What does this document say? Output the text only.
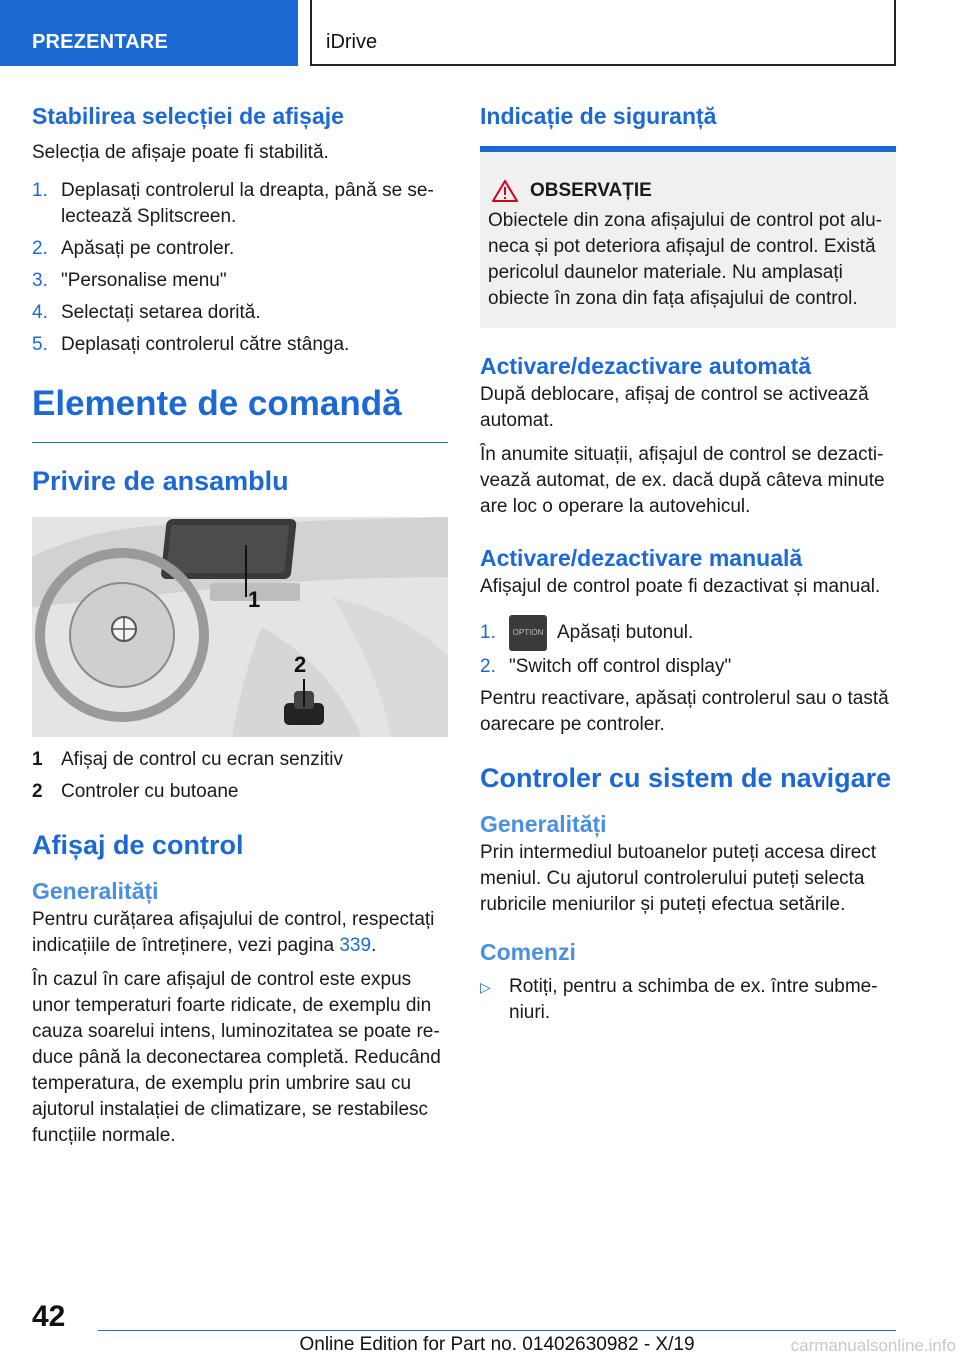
PREZENTARE	iDrive
Stabilirea selecției de afișaje

Selecția de afișaje poate fi stabilită.

1. Deplasați controlerul la dreapta, până se se-lectează Splitscreen.
2. Apăsați pe controler.
3. "Personalise menu"
4. Selectați setarea dorită.
5. Deplasați controlerul către stânga.
Elemente de comandă
Privire de ansamblu
1
2
1 Afișaj de control cu ecran senzitiv
2 Controler cu butoane
Afișaj de control
Generalități

Pentru curățarea afișajului de control, respectați indicațiile de întreținere, vezi pagina 339.

În cazul în care afișajul de control este expus unor temperaturi foarte ridicate, de exemplu din cauza soarelui intens, luminozitatea se poate re-duce până la deconectarea completă. Reducând temperatura, de exemplu prin umbrire sau cu ajutorul instalației de climatizare, se restabilesc funcțiile normale.

Indicație de siguranță
OBSERVAȚIE

Obiectele din zona afișajului de control pot alu-neca și pot deteriora afișajul de control. Există pericolul daunelor materiale. Nu amplasați obiecte în zona din fața afișajului de control.

Activare/dezactivare automată

După deblocare, afișaj de control se activează automat.

În anumite situații, afișajul de control se dezacti-vează automat, de ex. dacă după câteva minute are loc o operare la autovehicul.

Activare/dezactivare manuală

Afișajul de control poate fi dezactivat și manual.

1. OPTION Apăsați butonul.
2. "Switch off control display"

Pentru reactivare, apăsați controlerul sau o tastă oarecare pe controler.

Controler cu sistem de navigare
Generalități

Prin intermediul butoanelor puteți accesa direct meniul. Cu ajutorul controlerului puteți selecta rubricile meniurilor și puteți efectua setările.

Comenzi
▷ Rotiți, pentru a schimba de ex. între subme-niuri.
42
Online Edition for Part no. 01402630982 - X/19	carmanualsonline.info
